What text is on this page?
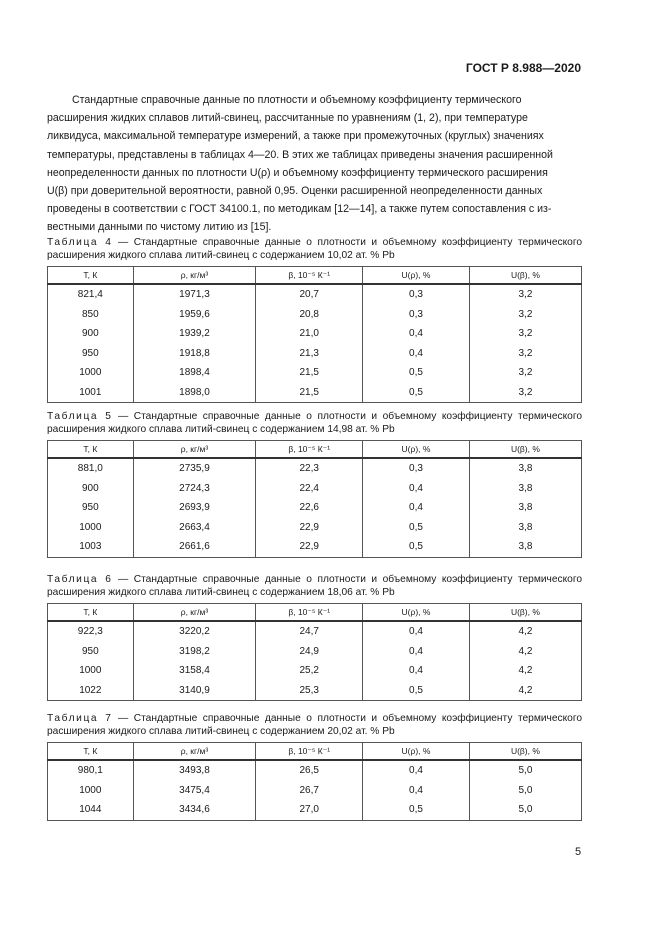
ГОСТ Р 8.988—2020

Стандартные справочные данные по плотности и объемному коэффициенту термического
расширения жидких сплавов литий-свинец, рассчитанные по уравнениям (1, 2), при температуре
ликвидуса, максимальной температуре измерений, а также при промежуточных (круглых) значениях
температуры, представлены в таблицах 4—20. В этих же таблицах приведены значения расширенной
неопределенности данных по плотности U(ρ) и объемному коэффициенту термического расширения
U(β) при доверительной вероятности, равной 0,95. Оценки расширенной неопределенности данных
проведены в соответствии с ГОСТ 34100.1, по методикам [12—14], а также путем сопоставления с из-
вестными данными по чистому литию из [15].

Таблица 4 — Стандартные справочные данные о плотности и объемному коэффициенту термического расширения жидкого сплава литий-свинец с содержанием 10,02 ат. % Pb

T, К	ρ, кг/м³	β, 10⁻⁵ К⁻¹	U(ρ), %	U(β), %
821,4	1971,3	20,7	0,3	3,2
850	1959,6	20,8	0,3	3,2
900	1939,2	21,0	0,4	3,2
950	1918,8	21,3	0,4	3,2
1000	1898,4	21,5	0,5	3,2
1001	1898,0	21,5	0,5	3,2

Таблица 5 — Стандартные справочные данные о плотности и объемному коэффициенту термического расширения жидкого сплава литий-свинец с содержанием 14,98 ат. % Pb

T, К	ρ, кг/м³	β, 10⁻⁵ К⁻¹	U(ρ), %	U(β), %
881,0	2735,9	22,3	0,3	3,8
900	2724,3	22,4	0,4	3,8
950	2693,9	22,6	0,4	3,8
1000	2663,4	22,9	0,5	3,8
1003	2661,6	22,9	0,5	3,8

Таблица 6 — Стандартные справочные данные о плотности и объемному коэффициенту термического расширения жидкого сплава литий-свинец с содержанием 18,06 ат. % Pb

T, К	ρ, кг/м³	β, 10⁻⁵ К⁻¹	U(ρ), %	U(β), %
922,3	3220,2	24,7	0,4	4,2
950	3198,2	24,9	0,4	4,2
1000	3158,4	25,2	0,4	4,2
1022	3140,9	25,3	0,5	4,2

Таблица 7 — Стандартные справочные данные о плотности и объемному коэффициенту термического расширения жидкого сплава литий-свинец с содержанием 20,02 ат. % Pb

T, К	ρ, кг/м³	β, 10⁻⁵ К⁻¹	U(ρ), %	U(β), %
980,1	3493,8	26,5	0,4	5,0
1000	3475,4	26,7	0,4	5,0
1044	3434,6	27,0	0,5	5,0
5
